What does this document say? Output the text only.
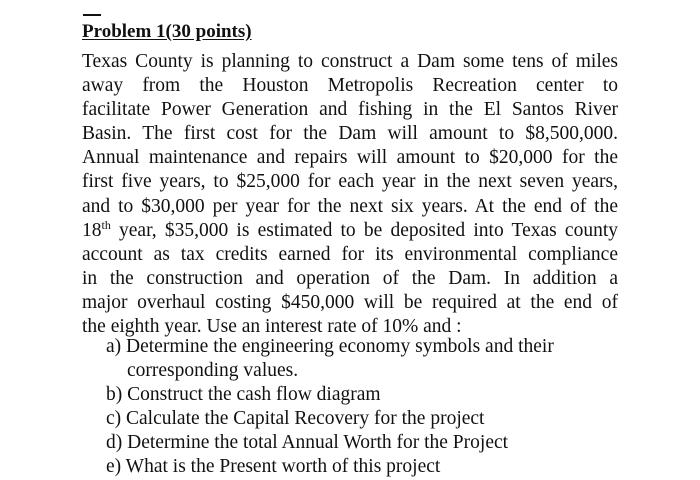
Problem 1(30 points)
Texas County is planning to construct a Dam some tens of miles
away from the Houston Metropolis Recreation center to
facilitate Power Generation and fishing in the El Santos River
Basin. The first cost for the Dam will amount to $8,500,000.
Annual maintenance and repairs will amount to $20,000 for the
first five years, to $25,000 for each year in the next seven years,
and to $30,000 per year for the next six years. At the end of the
18th year, $35,000 is estimated to be deposited into Texas county
account as tax credits earned for its environmental compliance
in the construction and operation of the Dam. In addition a
major overhaul costing $450,000 will be required at the end of
the eighth year. Use an interest rate of 10% and :
a) Determine the engineering economy symbols and their
corresponding values.
b) Construct the cash flow diagram
c) Calculate the Capital Recovery for the project
d) Determine the total Annual Worth for the Project
e) What is the Present worth of this project
